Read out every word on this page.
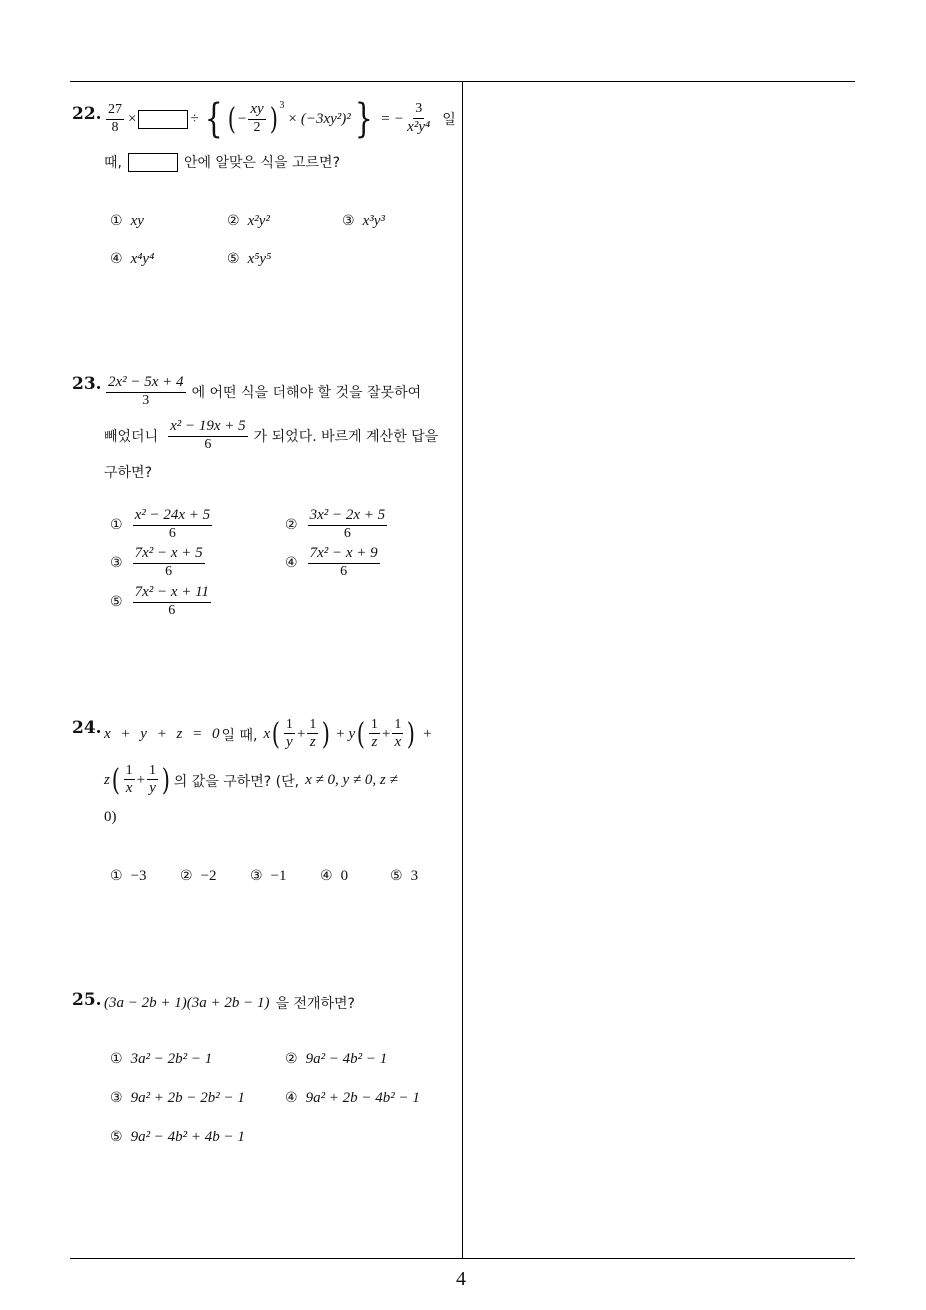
4
22. $\frac{27}{8}$ ×	÷ { ( − $\frac{xy}{2}$ ) 3
× (−3xy²)² } = − $\frac{3}{\text{x²y⁴}}$ 일
때,	안에 알맞은 식을 고르면?
① xy	② x²y²	③ x³y³
④ x⁴y⁴	⑤ x⁵y⁵
23. $\frac{\text{2x² − 5x + 4}}{3}$ 에 어떤 식을 더해야 할 것을 잘못하여
빼었더니 $\frac{\text{x² − 19x + 5}}{6}$ 가 되었다. 바르게 계산한 답을
구하면?
① $\frac{\text{x² − 24x + 5}}{6}$	② $\frac{\text{3x² − 2x + 5}}{6}$
③ $\frac{\text{7x² − x + 5}}{6}$	④ $\frac{\text{7x² − x + 9}}{6}$
⑤ $\frac{\text{7x² − x + 11}}{6}$
24. x + y + z = 0 일 때, x ( $\frac{1}{y} + \frac{1}{z}$ ) + y ( $\frac{1}{z} + \frac{1}{x}$ ) +
z ( $\frac{1}{x} + \frac{1}{y}$ ) 의 값을 구하면? (단, x ≠ 0, y ≠ 0, z ≠
0)
① −3 ② −2 ③ −1 ④ 0	⑤ 3
25. (3a − 2b + 1)(3a + 2b − 1) 을 전개하면?
① 3a² − 2b² − 1	② 9a² − 4b² − 1
③ 9a² + 2b − 2b² − 1	④ 9a² + 2b − 4b² − 1
⑤ 9a² − 4b² + 4b − 1
